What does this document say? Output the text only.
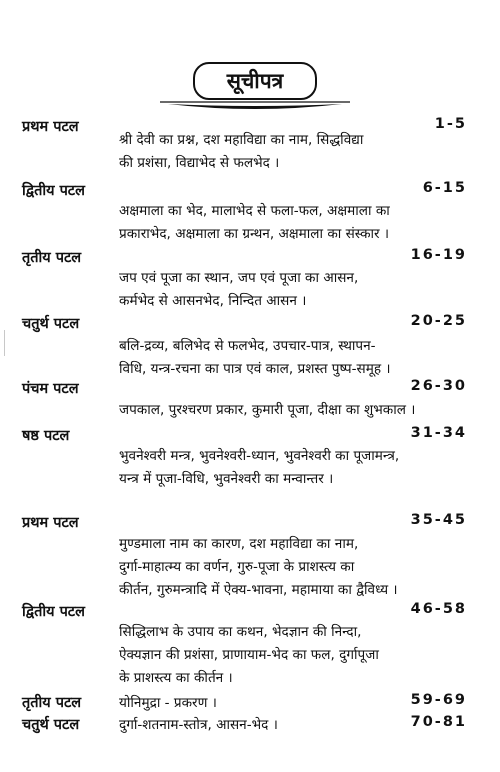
सूचीपत्र
प्रथम पटल	1-5
श्री देवी का प्रश्न, दश महाविद्या का नाम, सिद्धविद्या
की प्रशंसा, विद्याभेद से फलभेद ।
द्वितीय पटल	6-15
अक्षमाला का भेद, मालाभेद से फला-फल, अक्षमाला का
प्रकाराभेद, अक्षमाला का ग्रन्थन, अक्षमाला का संस्कार ।
तृतीय पटल	16-19
जप एवं पूजा का स्थान, जप एवं पूजा का आसन,
कर्मभेद से आसनभेद, निन्दित आसन ।
चतुर्थ पटल	20-25
बलि-द्रव्य, बलिभेद से फलभेद, उपचार-पात्र, स्थापन-
विधि, यन्त्र-रचना का पात्र एवं काल, प्रशस्त पुष्प-समूह ।
पंचम पटल	26-30
जपकाल, पुरश्चरण प्रकार, कुमारी पूजा, दीक्षा का शुभकाल ।
षष्ठ पटल	31-34
भुवनेश्वरी मन्त्र, भुवनेश्वरी-ध्यान, भुवनेश्वरी का पूजामन्त्र,
यन्त्र में पूजा-विधि, भुवनेश्वरी का मन्वान्तर ।
प्रथम पटल	35-45
मुण्डमाला नाम का कारण, दश महाविद्या का नाम,
दुर्गा-माहात्म्य का वर्णन, गुरु-पूजा के प्राशस्त्य का
कीर्तन, गुरुमन्त्रादि में ऐक्य-भावना, महामाया का द्वैविध्य ।
द्वितीय पटल	46-58
सिद्धिलाभ के उपाय का कथन, भेदज्ञान की निन्दा,
ऐक्यज्ञान की प्रशंसा, प्राणायाम-भेद का फल, दुर्गापूजा
के प्राशस्त्य का कीर्तन ।
तृतीय पटल	59-69
योनिमुद्रा - प्रकरण ।
चतुर्थ पटल	70-81
दुर्गा-शतनाम-स्तोत्र, आसन-भेद ।
